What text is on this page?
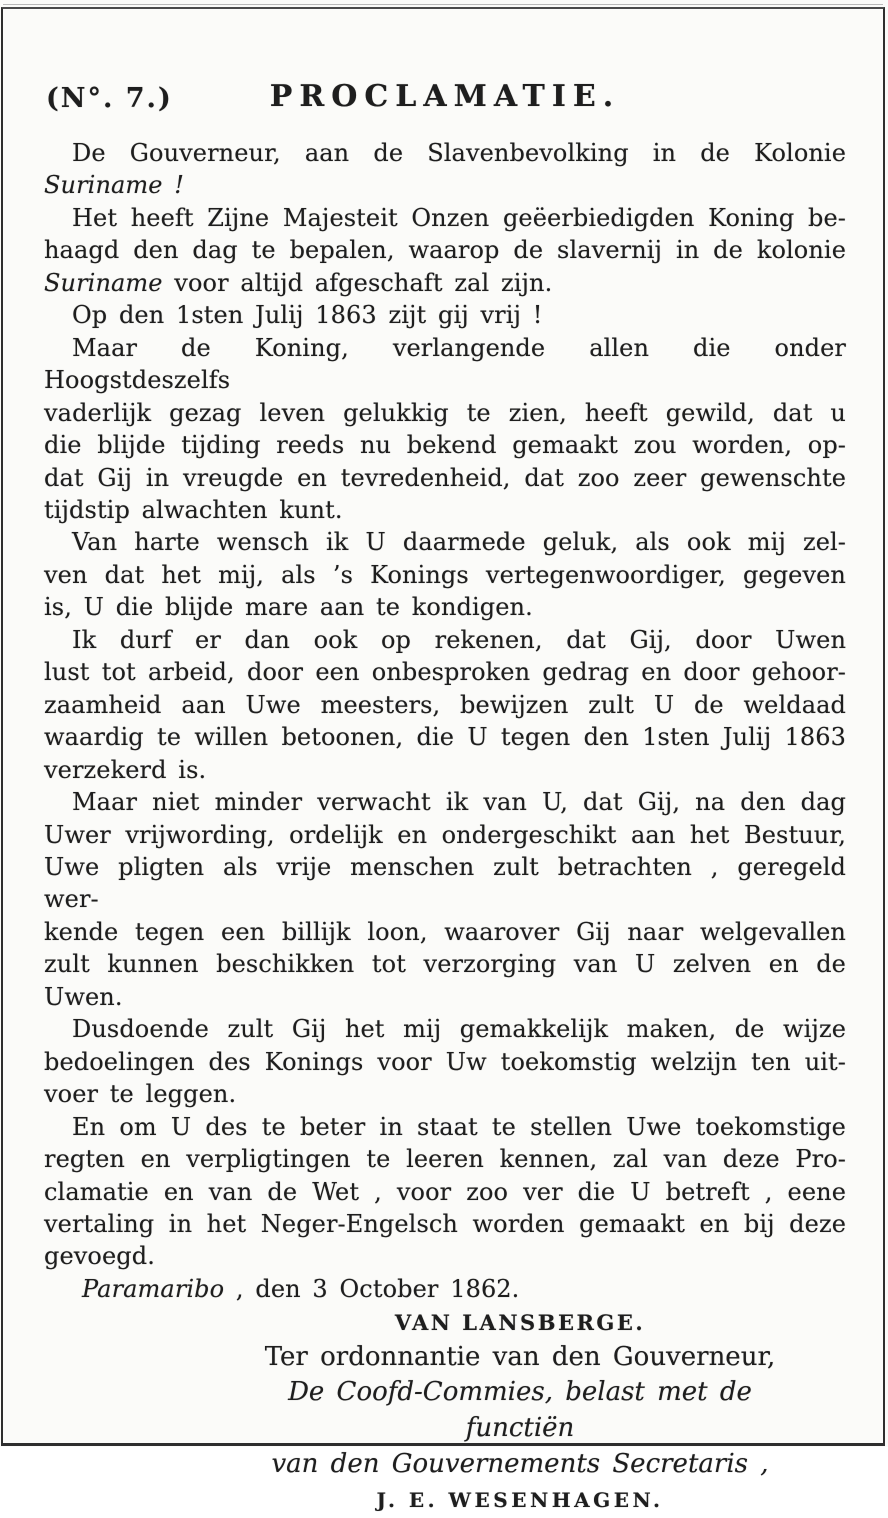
(N°. 7.)	PROCLAMATIE.
De Gouverneur, aan de Slavenbevolking in de Kolonie
Suriname !
Het heeft Zijne Majesteit Onzen geëerbiedigden Koning be-
haagd den dag te bepalen, waarop de slavernij in de kolonie
Suriname voor altijd afgeschaft zal zijn.
Op den 1sten Julij 1863 zijt gij vrij !
Maar de Koning, verlangende allen die onder Hoogstdeszelfs
vaderlijk gezag leven gelukkig te zien, heeft gewild, dat u
die blijde tijding reeds nu bekend gemaakt zou worden, op-
dat Gij in vreugde en tevredenheid, dat zoo zeer gewenschte
tijdstip alwachten kunt.
Van harte wensch ik U daarmede geluk, als ook mij zel-
ven dat het mij, als ’s Konings vertegenwoordiger, gegeven
is, U die blijde mare aan te kondigen.
Ik durf er dan ook op rekenen, dat Gij, door Uwen
lust tot arbeid, door een onbesproken gedrag en door gehoor-
zaamheid aan Uwe meesters, bewijzen zult U de weldaad
waardig te willen betoonen, die U tegen den 1sten Julij 1863
verzekerd is.
Maar niet minder verwacht ik van U, dat Gij, na den dag
Uwer vrijwording, ordelijk en ondergeschikt aan het Bestuur,
Uwe pligten als vrije menschen zult betrachten , geregeld wer-
kende tegen een billijk loon, waarover Gij naar welgevallen
zult kunnen beschikken tot verzorging van U zelven en de
Uwen.
Dusdoende zult Gij het mij gemakkelijk maken, de wijze
bedoelingen des Konings voor Uw toekomstig welzijn ten uit-
voer te leggen.
En om U des te beter in staat te stellen Uwe toekomstige
regten en verpligtingen te leeren kennen, zal van deze Pro-
clamatie en van de Wet , voor zoo ver die U betreft , eene
vertaling in het Neger-Engelsch worden gemaakt en bij deze
gevoegd.
Paramaribo , den 3 October 1862.
VAN LANSBERGE.
Ter ordonnantie van den Gouverneur,
De Coofd-Commies, belast met de functiën
van den Gouvernements Secretaris ,
J. E. WESENHAGEN.
